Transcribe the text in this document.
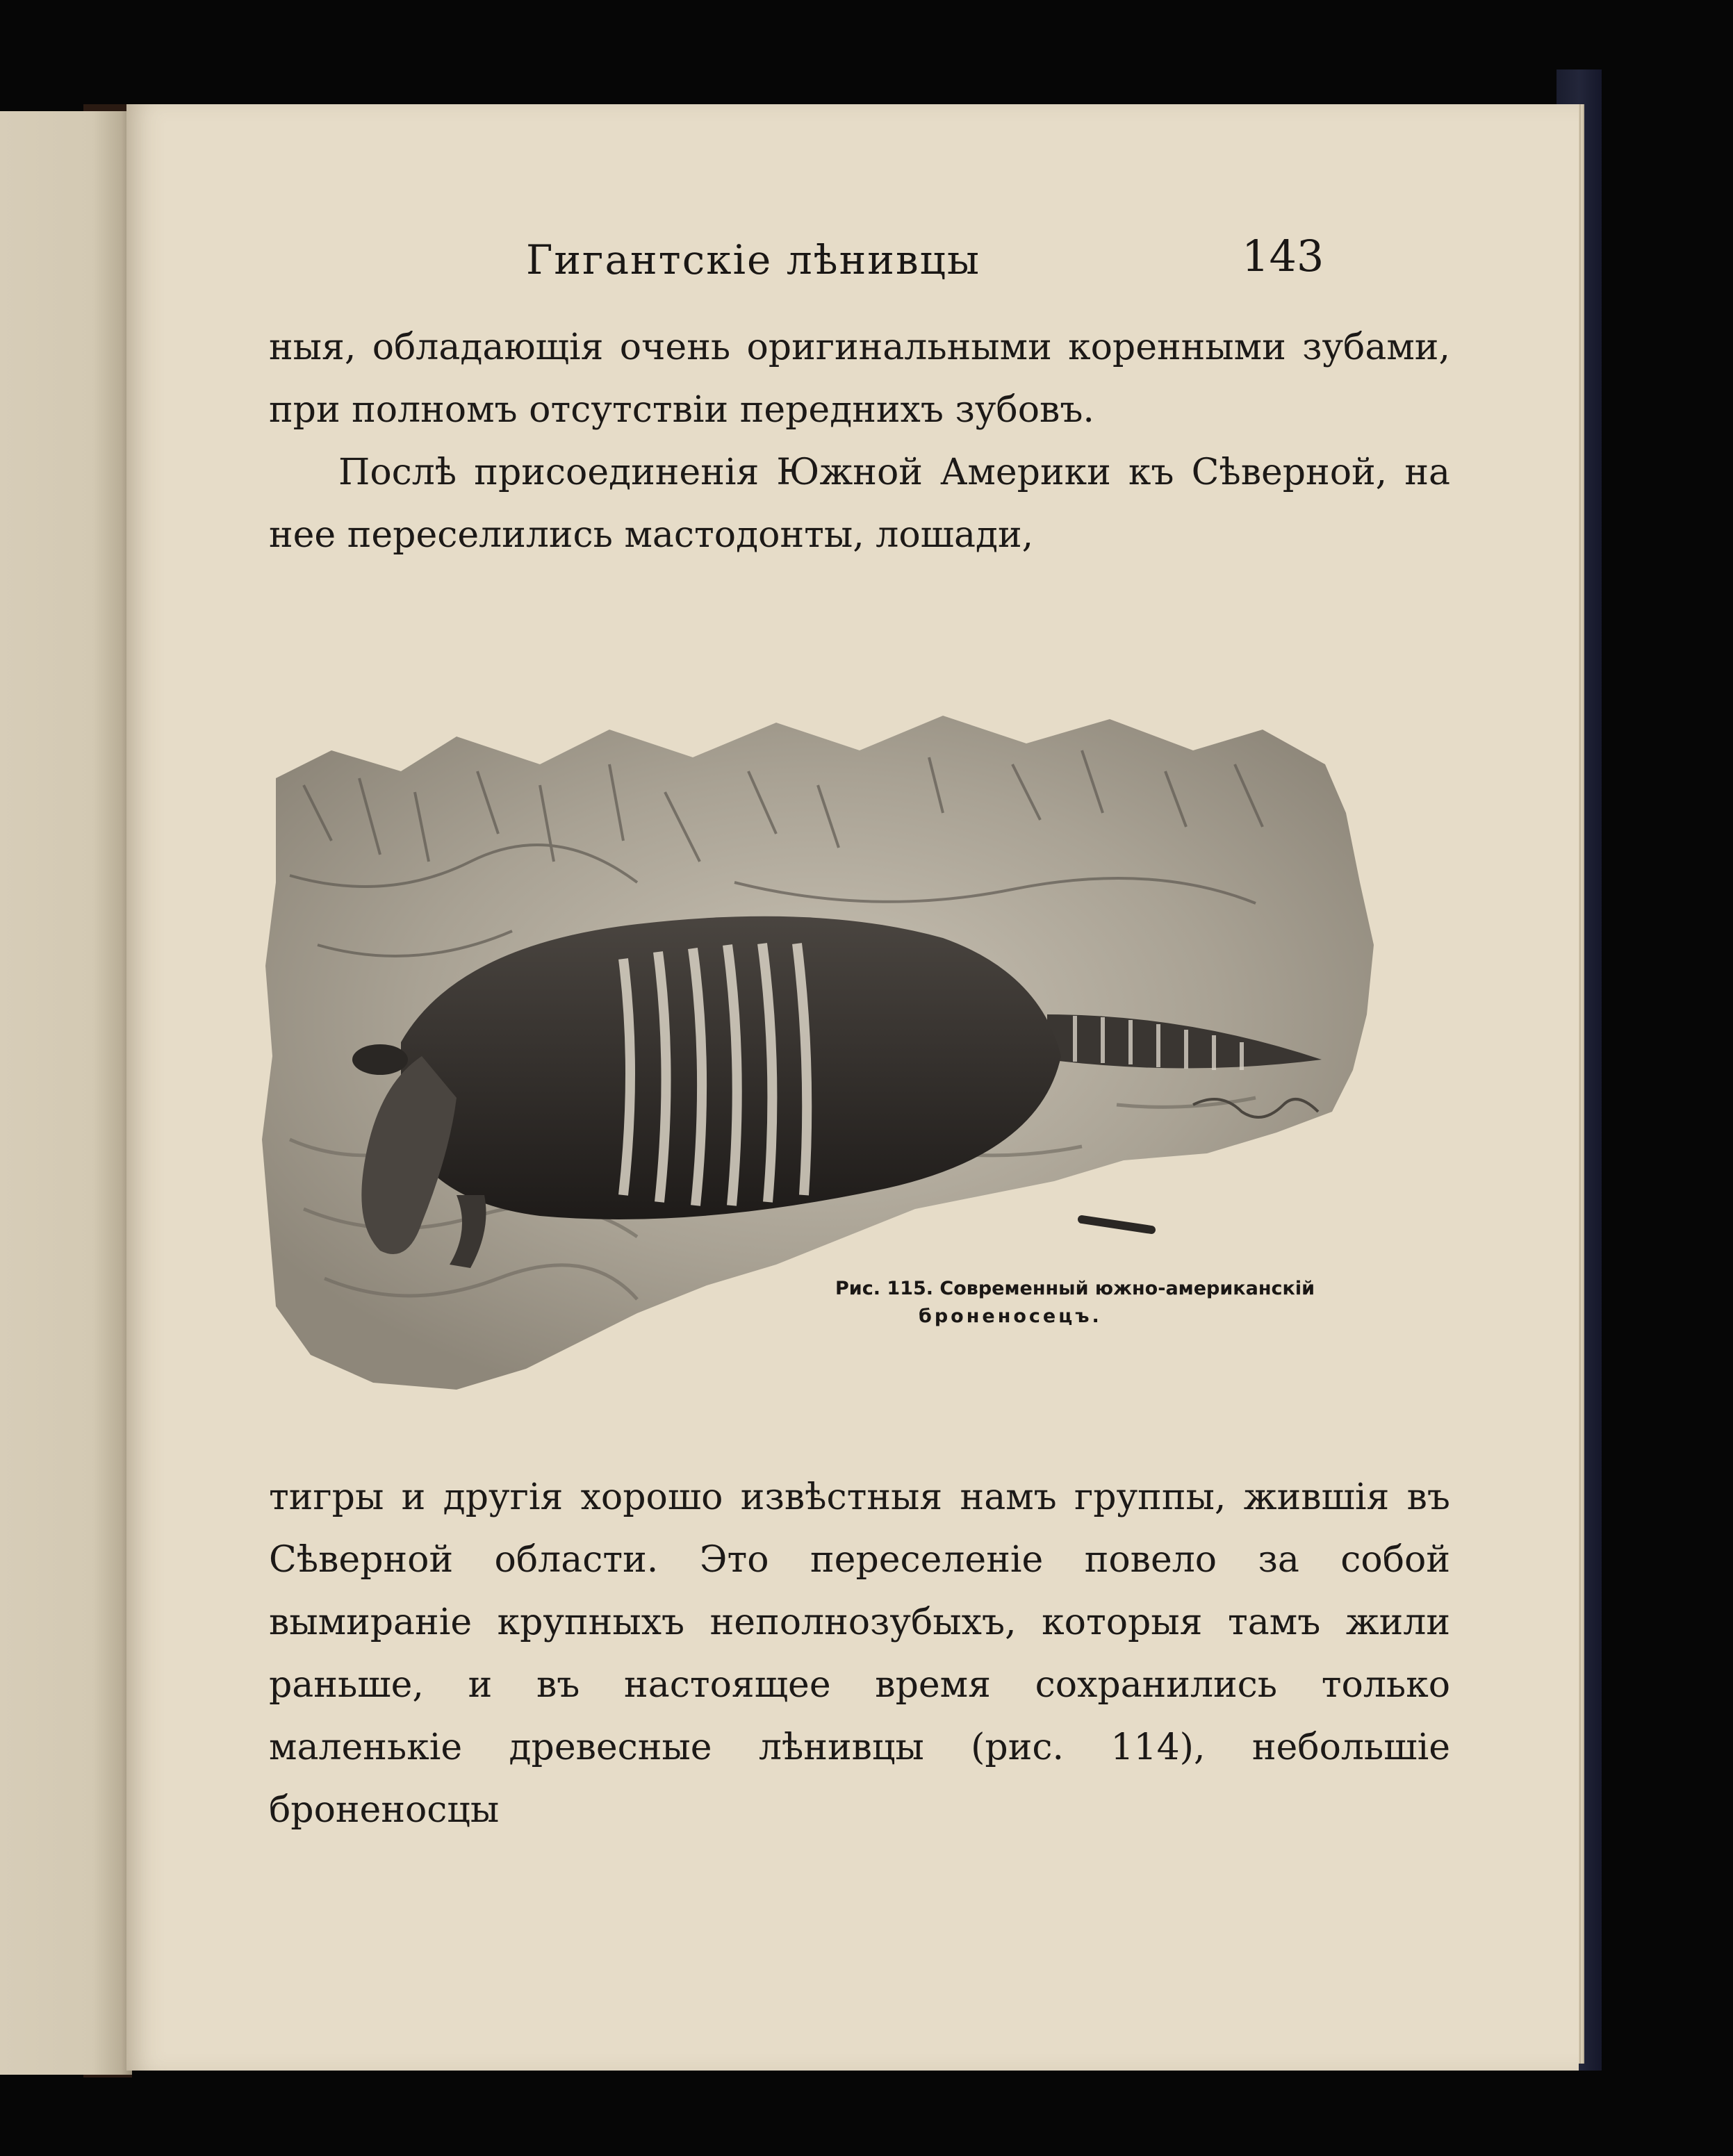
Гигантскіе лѣнивцы	143

ныя, обладающія очень оригинальными коренными зубами, при полномъ отсутствіи переднихъ зубовъ.

Послѣ присоединенія Южной Америки къ Сѣверной, на нее переселились мастодонты, лошади,

Рис. 115. Современный южно-американскій
броненосецъ.

тигры и другія хорошо извѣстныя намъ группы, жившія въ Сѣверной области. Это переселеніе повело за собой вымираніе крупныхъ неполнозубыхъ, которыя тамъ жили раньше, и въ настоящее время сохранились только маленькіе древесные лѣнивцы (рис. 114), небольшіе броненосцы
